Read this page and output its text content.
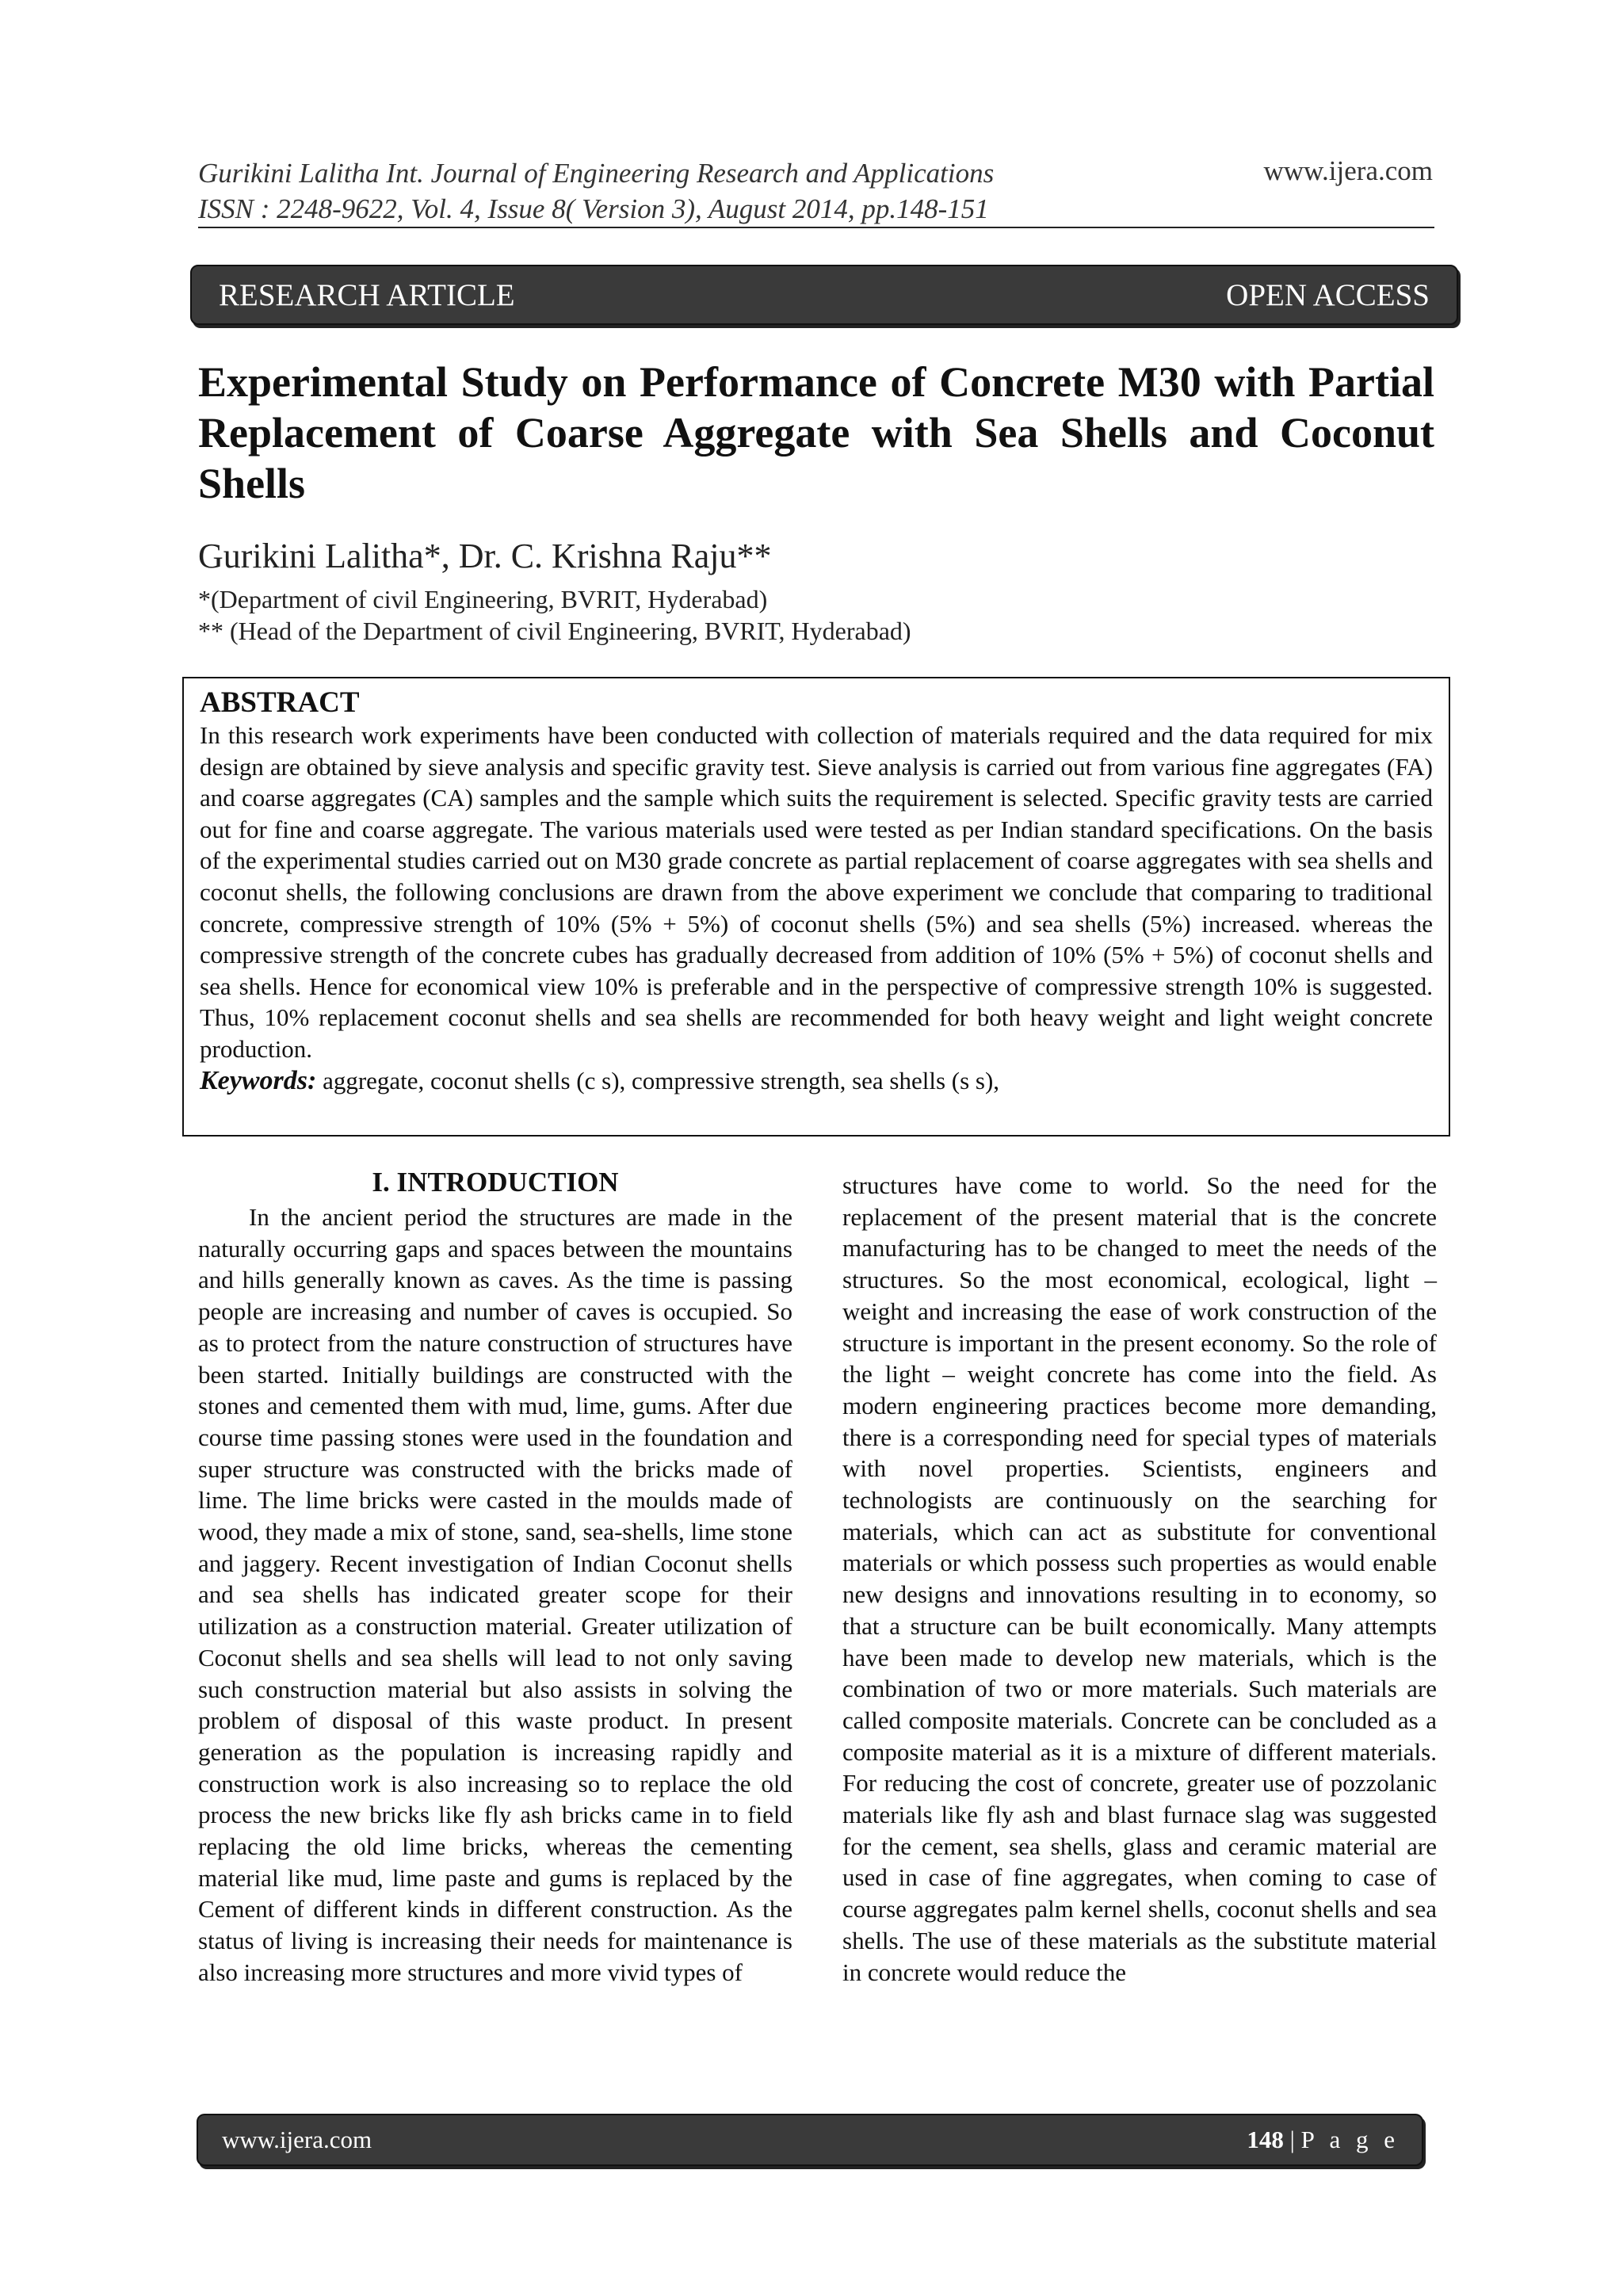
Gurikini Lalitha Int. Journal of Engineering Research and Applications
ISSN : 2248-9622, Vol. 4, Issue 8( Version 3), August 2014, pp.148-151
www.ijera.com
RESEARCH ARTICLE	OPEN ACCESS
Experimental Study on Performance of Concrete M30 with Partial Replacement of Coarse Aggregate with Sea Shells and Coconut Shells
Gurikini Lalitha*, Dr. C. Krishna Raju**
*(Department of civil Engineering, BVRIT, Hyderabad)
** (Head of the Department of civil Engineering, BVRIT, Hyderabad)
ABSTRACT
In this research work experiments have been conducted with collection of materials required and the data required for mix design are obtained by sieve analysis and specific gravity test. Sieve analysis is carried out from various fine aggregates (FA) and coarse aggregates (CA) samples and the sample which suits the requirement is selected. Specific gravity tests are carried out for fine and coarse aggregate. The various materials used were tested as per Indian standard specifications. On the basis of the experimental studies carried out on M30 grade concrete as partial replacement of coarse aggregates with sea shells and coconut shells, the following conclusions are drawn from the above experiment we conclude that comparing to traditional concrete, compressive strength of 10% (5% + 5%) of coconut shells (5%) and sea shells (5%) increased. whereas the compressive strength of the concrete cubes has gradually decreased from addition of 10% (5% + 5%) of coconut shells and sea shells. Hence for economical view 10% is preferable and in the perspective of compressive strength 10% is suggested. Thus, 10% replacement coconut shells and sea shells are recommended for both heavy weight and light weight concrete production.
Keywords: aggregate, coconut shells (c s), compressive strength, sea shells (s s),
I. INTRODUCTION
In the ancient period the structures are made in the naturally occurring gaps and spaces between the mountains and hills generally known as caves. As the time is passing people are increasing and number of caves is occupied. So as to protect from the nature construction of structures have been started. Initially buildings are constructed with the stones and cemented them with mud, lime, gums. After due course time passing stones were used in the foundation and super structure was constructed with the bricks made of lime. The lime bricks were casted in the moulds made of wood, they made a mix of stone, sand, sea-shells, lime stone and jaggery. Recent investigation of Indian Coconut shells and sea shells has indicated greater scope for their utilization as a construction material. Greater utilization of Coconut shells and sea shells will lead to not only saving such construction material but also assists in solving the problem of disposal of this waste product. In present generation as the population is increasing rapidly and construction work is also increasing so to replace the old process the new bricks like fly ash bricks came in to field replacing the old lime bricks, whereas the cementing material like mud, lime paste and gums is replaced by the Cement of different kinds in different construction. As the status of living is increasing their needs for maintenance is also increasing more structures and more vivid types of
structures have come to world. So the need for the replacement of the present material that is the concrete manufacturing has to be changed to meet the needs of the structures. So the most economical, ecological, light – weight and increasing the ease of work construction of the structure is important in the present economy. So the role of the light – weight concrete has come into the field. As modern engineering practices become more demanding, there is a corresponding need for special types of materials with novel properties. Scientists, engineers and technologists are continuously on the searching for materials, which can act as substitute for conventional materials or which possess such properties as would enable new designs and innovations resulting in to economy, so that a structure can be built economically. Many attempts have been made to develop new materials, which is the combination of two or more materials. Such materials are called composite materials. Concrete can be concluded as a composite material as it is a mixture of different materials. For reducing the cost of concrete, greater use of pozzolanic materials like fly ash and blast furnace slag was suggested for the cement, sea shells, glass and ceramic material are used in case of fine aggregates, when coming to case of course aggregates palm kernel shells, coconut shells and sea shells. The use of these materials as the substitute material in concrete would reduce the
www.ijera.com	148 | P a g e
